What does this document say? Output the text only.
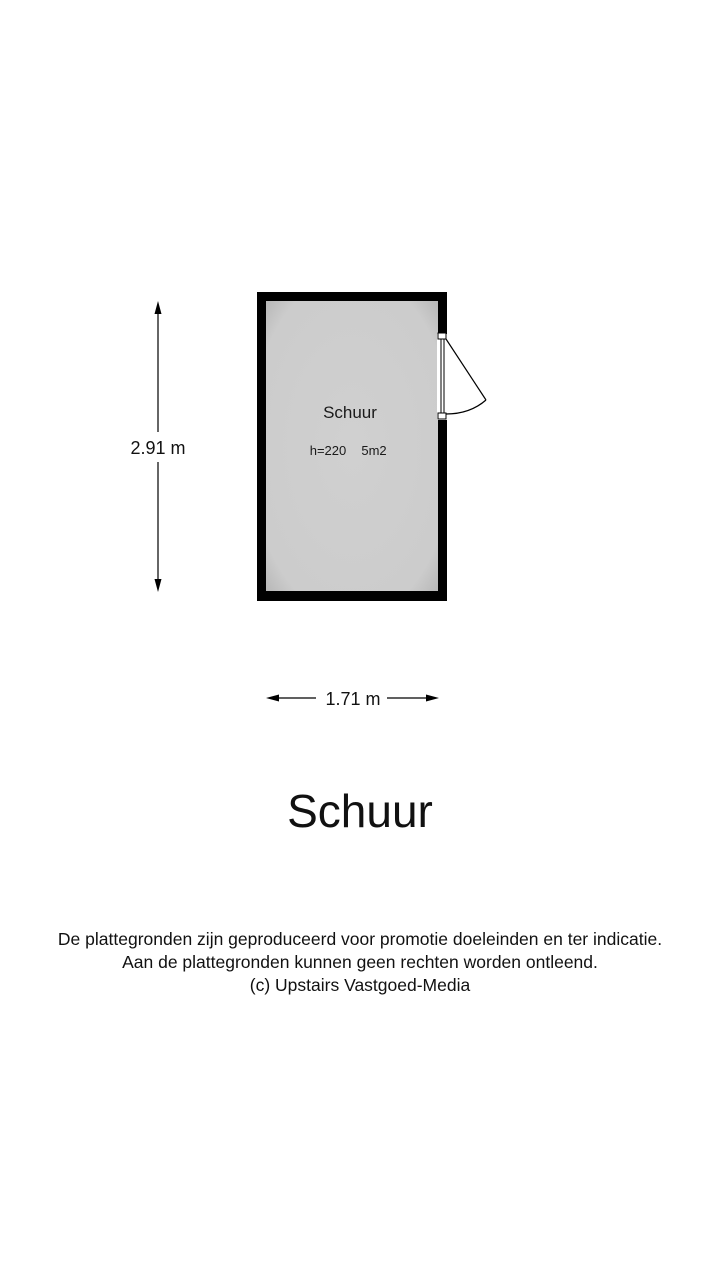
Schuur
h=220 5m2
2.91 m
1.71 m
Schuur
De plattegronden zijn geproduceerd voor promotie doeleinden en ter indicatie.
Aan de plattegronden kunnen geen rechten worden ontleend.
(c) Upstairs Vastgoed-Media
